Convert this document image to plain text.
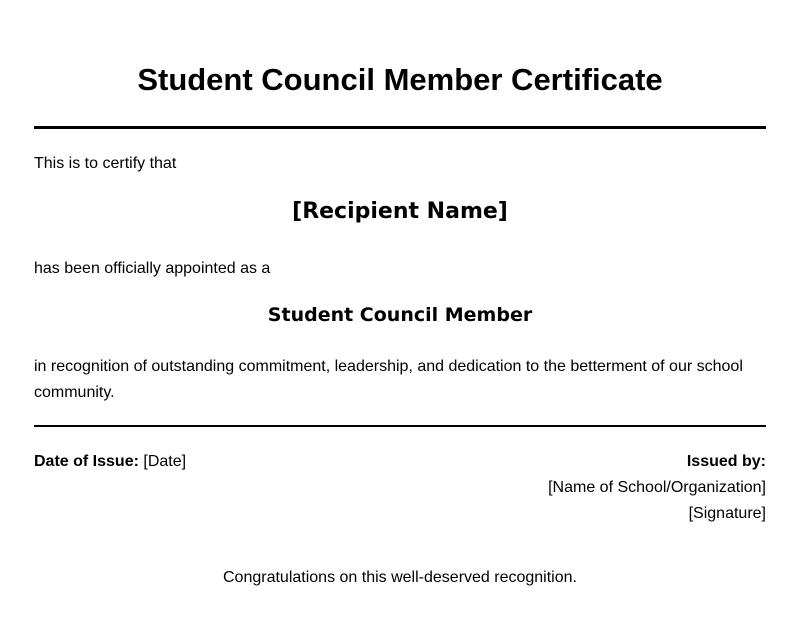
Student Council Member Certificate
This is to certify that
[Recipient Name]
has been officially appointed as a
Student Council Member
in recognition of outstanding commitment, leadership, and dedication to the betterment of our school community.
Date of Issue: [Date]	Issued by:
[Name of School/Organization]
[Signature]
Congratulations on this well-deserved recognition.
